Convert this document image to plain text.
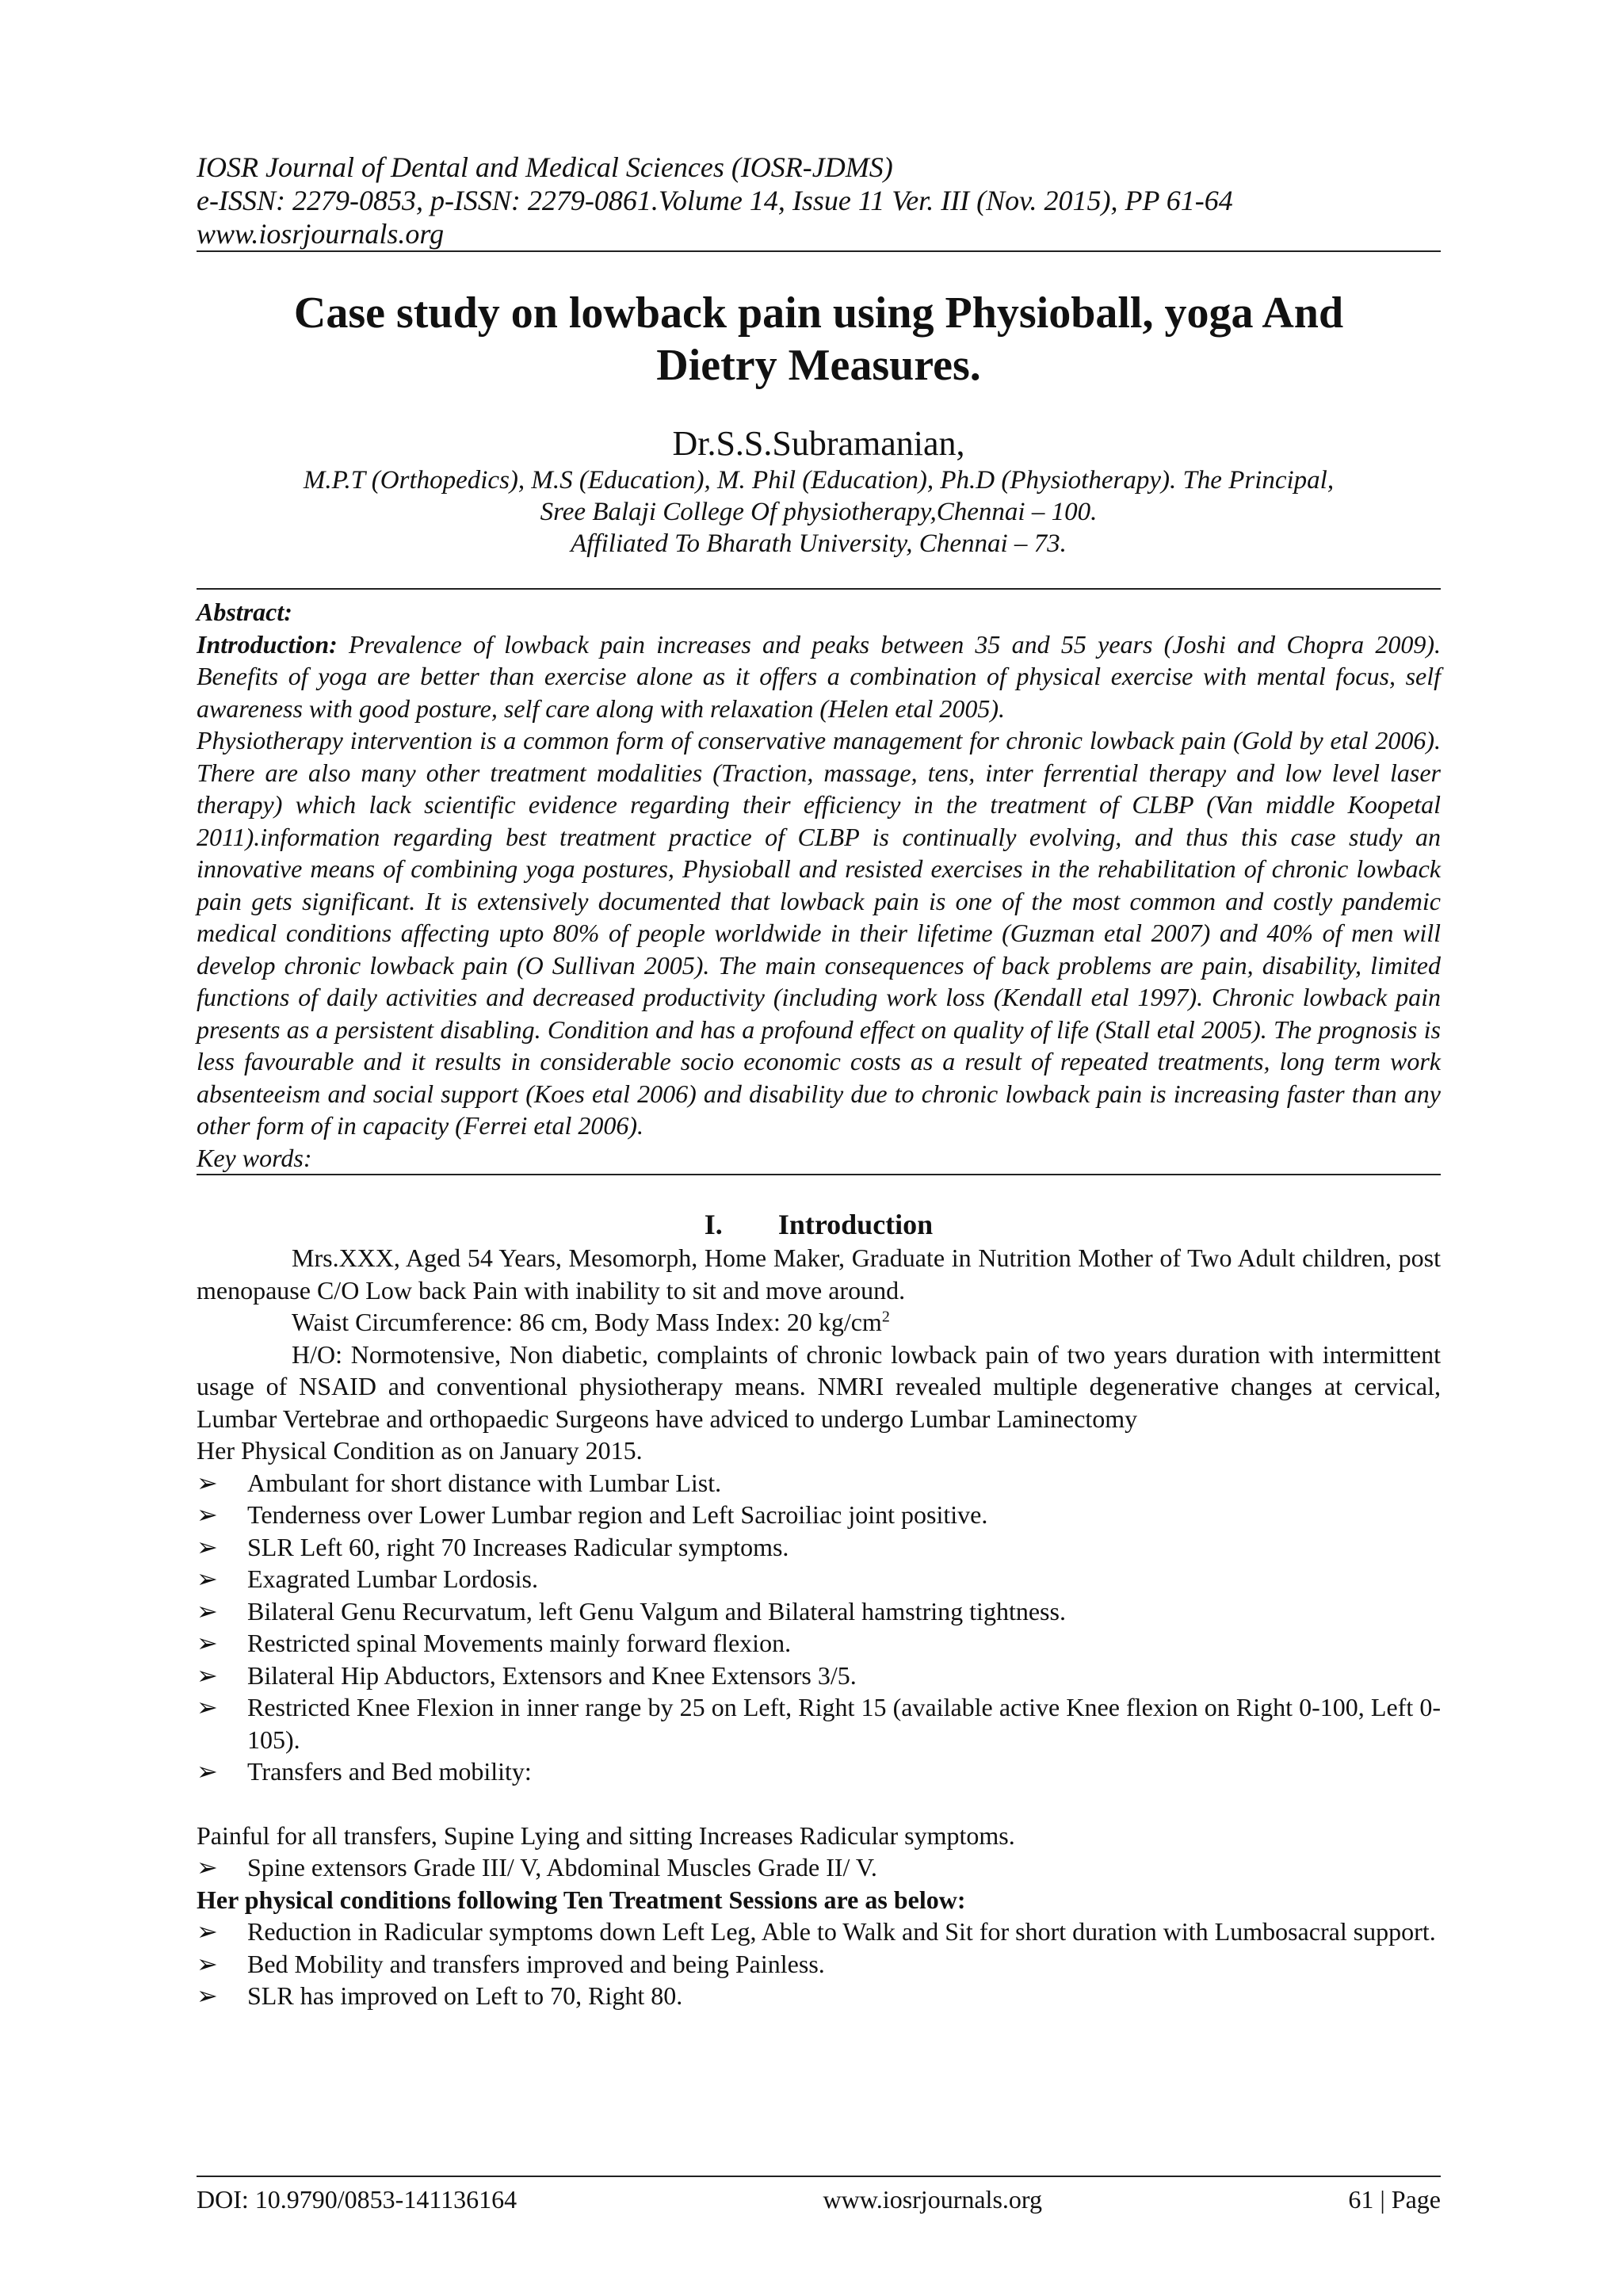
IOSR Journal of Dental and Medical Sciences (IOSR-JDMS)
e-ISSN: 2279-0853, p-ISSN: 2279-0861.Volume 14, Issue 11 Ver. III (Nov. 2015), PP 61-64
www.iosrjournals.org
Case study on lowback pain using Physioball, yoga And Dietry Measures.
Dr.S.S.Subramanian,
M.P.T (Orthopedics), M.S (Education), M. Phil (Education), Ph.D (Physiotherapy). The Principal,
Sree Balaji College Of physiotherapy,Chennai – 100.
Affiliated To Bharath University, Chennai – 73.
Abstract:
Introduction: Prevalence of lowback pain increases and peaks between 35 and 55 years (Joshi and Chopra 2009). Benefits of yoga are better than exercise alone as it offers a combination of physical exercise with mental focus, self awareness with good posture, self care along with relaxation (Helen etal 2005).
Physiotherapy intervention is a common form of conservative management for chronic lowback pain (Gold by etal 2006). There are also many other treatment modalities (Traction, massage, tens, inter ferrential therapy and low level laser therapy) which lack scientific evidence regarding their efficiency in the treatment of CLBP (Van middle Koopetal 2011).information regarding best treatment practice of CLBP is continually evolving, and thus this case study an innovative means of combining yoga postures, Physioball and resisted exercises in the rehabilitation of chronic lowback pain gets significant. It is extensively documented that lowback pain is one of the most common and costly pandemic medical conditions affecting upto 80% of people worldwide in their lifetime (Guzman etal 2007) and 40% of men will develop chronic lowback pain (O Sullivan 2005). The main consequences of back problems are pain, disability, limited functions of daily activities and decreased productivity (including work loss (Kendall etal 1997). Chronic lowback pain presents as a persistent disabling. Condition and has a profound effect on quality of life (Stall etal 2005). The prognosis is less favourable and it results in considerable socio economic costs as a result of repeated treatments, long term work absenteeism and social support (Koes etal 2006) and disability due to chronic lowback pain is increasing faster than any other form of in capacity (Ferrei etal 2006).
Key words:
I. Introduction
Mrs.XXX, Aged 54 Years, Mesomorph, Home Maker, Graduate in Nutrition Mother of Two Adult children, post menopause C/O Low back Pain with inability to sit and move around.
Waist Circumference: 86 cm, Body Mass Index: 20 $kg/cm^2$
H/O: Normotensive, Non diabetic, complaints of chronic lowback pain of two years duration with intermittent usage of NSAID and conventional physiotherapy means. NMRI revealed multiple degenerative changes at cervical, Lumbar Vertebrae and orthopaedic Surgeons have adviced to undergo Lumbar Laminectomy
Her Physical Condition as on January 2015.
➢ Ambulant for short distance with Lumbar List.
➢ Tenderness over Lower Lumbar region and Left Sacroiliac joint positive.
➢ SLR Left 60, right 70 Increases Radicular symptoms.
➢ Exagrated Lumbar Lordosis.
➢ Bilateral Genu Recurvatum, left Genu Valgum and Bilateral hamstring tightness.
➢ Restricted spinal Movements mainly forward flexion.
➢ Bilateral Hip Abductors, Extensors and Knee Extensors 3/5.
➢ Restricted Knee Flexion in inner range by 25 on Left, Right 15 (available active Knee flexion on Right 0-100, Left 0-105).
➢ Transfers and Bed mobility:
Painful for all transfers, Supine Lying and sitting Increases Radicular symptoms.
➢ Spine extensors Grade III/ V, Abdominal Muscles Grade II/ V.
Her physical conditions following Ten Treatment Sessions are as below:
➢ Reduction in Radicular symptoms down Left Leg, Able to Walk and Sit for short duration with Lumbosacral support.
➢ Bed Mobility and transfers improved and being Painless.
➢ SLR has improved on Left to 70, Right 80.
DOI: 10.9790/0853-141136164	www.iosrjournals.org	61 | Page
